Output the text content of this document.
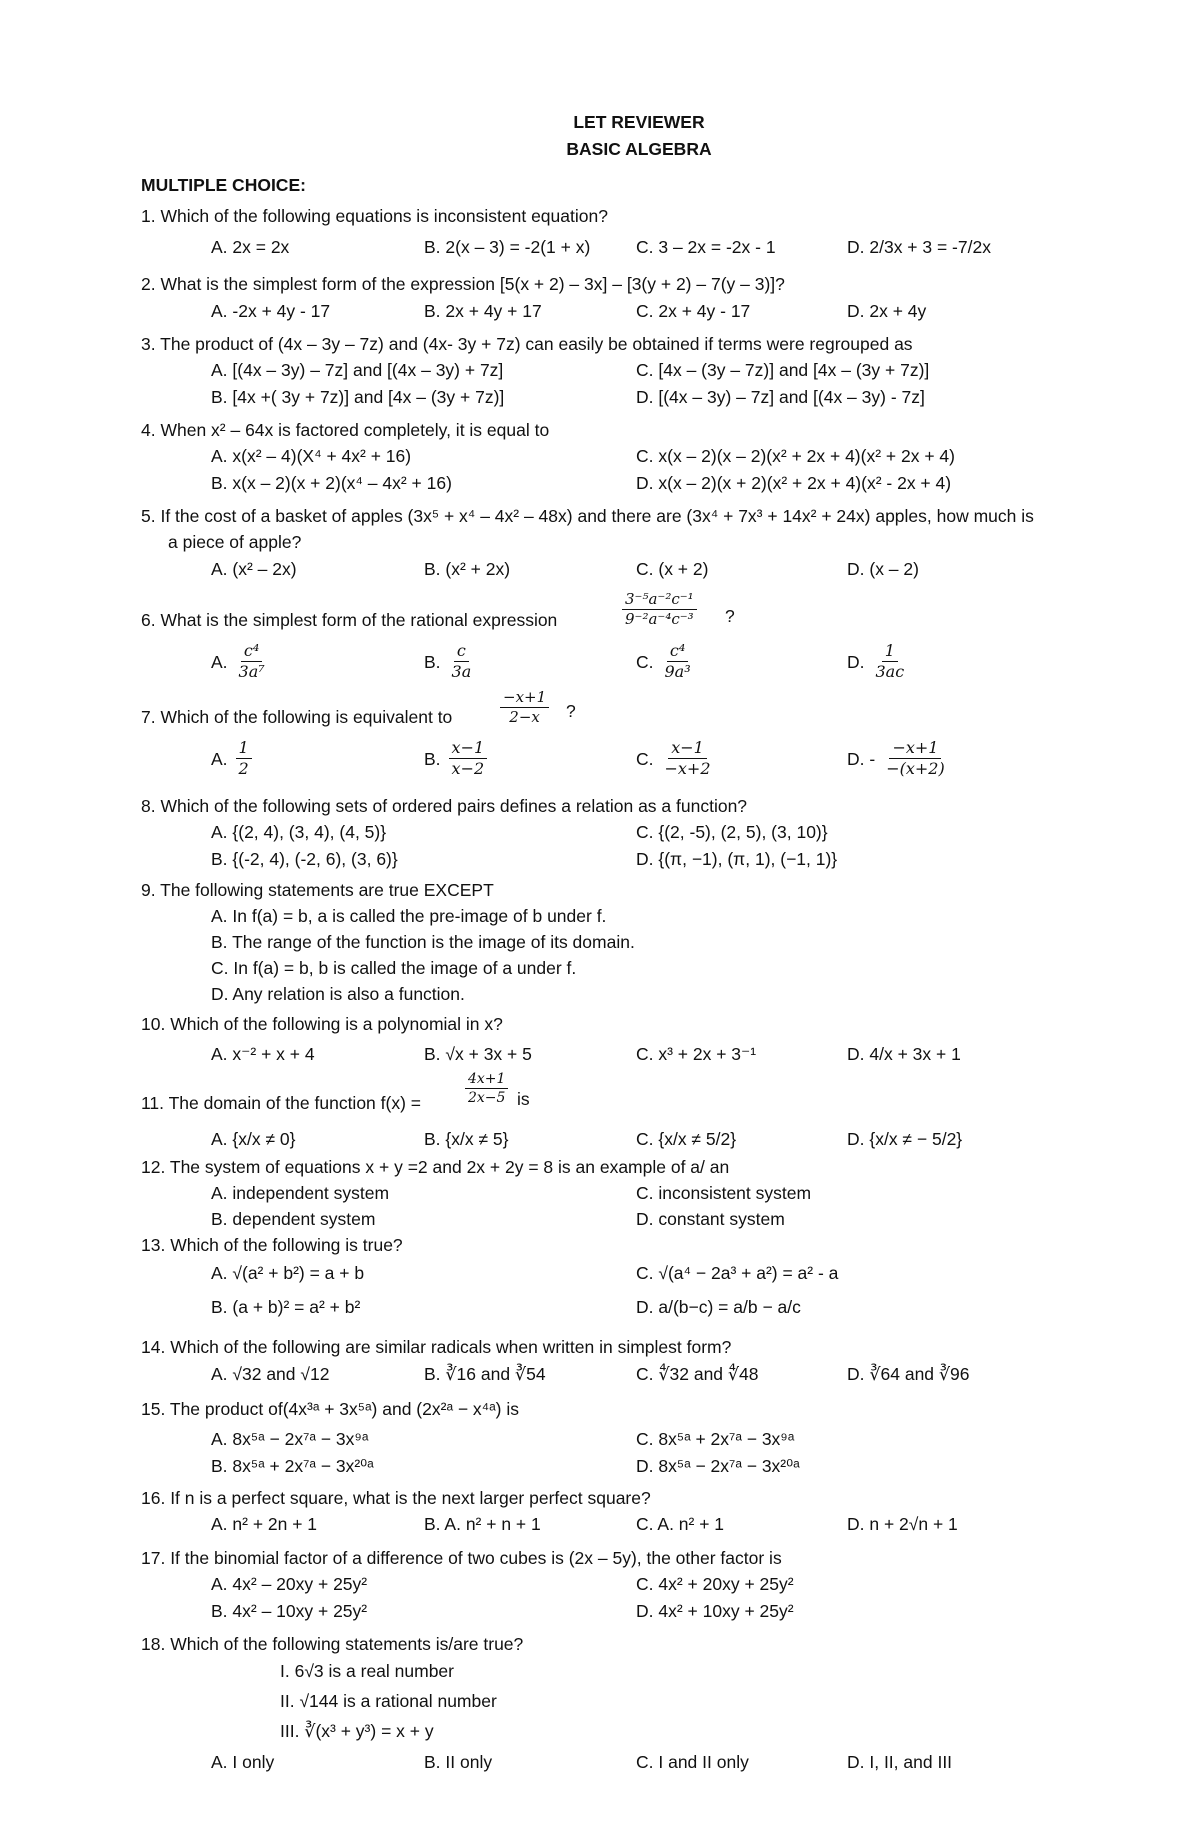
LET REVIEWER
BASIC ALGEBRA
MULTIPLE CHOICE:
1. Which of the following equations is inconsistent equation?
A. 2x = 2x	B. 2(x – 3) = -2(1 + x)	C. 3 – 2x = -2x - 1	D. 2/3x + 3 = -7/2x
2. What is the simplest form of the expression [5(x + 2) – 3x] – [3(y + 2) – 7(y – 3)]?
A. -2x + 4y - 17	B. 2x + 4y + 17	C. 2x + 4y - 17	D. 2x + 4y
3. The product of (4x – 3y – 7z) and (4x- 3y + 7z) can easily be obtained if terms were regrouped as
A. [(4x – 3y) – 7z] and [(4x – 3y) + 7z]	C. [4x – (3y – 7z)] and [4x – (3y + 7z)]
B. [4x +( 3y + 7z)] and [4x – (3y + 7z)]	D. [(4x – 3y) – 7z] and [(4x – 3y) - 7z]
4. When x² – 64x is factored completely, it is equal to
A. x(x² – 4)(X⁴ + 4x² + 16)	C. x(x – 2)(x – 2)(x² + 2x + 4)(x² + 2x + 4)
B. x(x – 2)(x + 2)(x⁴ – 4x² + 16)	D. x(x – 2)(x + 2)(x² + 2x + 4)(x² - 2x + 4)
5. If the cost of a basket of apples (3x⁵ + x⁴ – 4x² – 48x) and there are (3x⁴ + 7x³ + 14x² + 24x) apples, how much is
a piece of apple?
A. (x² – 2x)	B. (x² + 2x)	C. (x + 2)	D. (x – 2)
6. What is the simplest form of the rational expression	$\frac{\text{3⁻⁵a⁻²c⁻¹}}{\text{9⁻²a⁻⁴c⁻³}}$ ?
A. $\frac{\text{c⁴}}{\text{3a⁷}}$	B. $\frac{c}{3a}$	C. $\frac{\text{c⁴}}{\text{9a³}}$	D. $\frac{1}{3ac}$
7. Which of the following is equivalent to	$\frac{-x+1}{2-x}$ ?
A. $\frac{1}{2}$	B. $\frac{x-1}{x-2}$	C. $\frac{x-1}{-x+2}$	D. - $\frac{-x+1}{-(x+2)}$
8. Which of the following sets of ordered pairs defines a relation as a function?
A. {(2, 4), (3, 4), (4, 5)}	C. {(2, -5), (2, 5), (3, 10)}
B. {(-2, 4), (-2, 6), (3, 6)}	D. {(π, −1), (π, 1), (−1, 1)}
9. The following statements are true EXCEPT
A. In f(a) = b, a is called the pre-image of b under f.
B. The range of the function is the image of its domain.
C. In f(a) = b, b is called the image of a under f.
D. Any relation is also a function.
10. Which of the following is a polynomial in x?
A. x⁻² + x + 4	B. √x + 3x + 5	C. x³ + 2x + 3⁻¹	D. 4/x + 3x + 1
11. The domain of the function f(x) =	$\frac{4x+1}{2x-5}$ is
A. {x/x ≠ 0}	B. {x/x ≠ 5}	C. {x/x ≠ 5/2}	D. {x/x ≠ − 5/2}
12. The system of equations x + y =2 and 2x + 2y = 8 is an example of a/ an
A. independent system	C. inconsistent system
B. dependent system	D. constant system
13. Which of the following is true?
A. √(a² + b²) = a + b	C. √(a⁴ − 2a³ + a²) = a² - a
B. (a + b)² = a² + b²	D. a/(b−c) = a/b − a/c
14. Which of the following are similar radicals when written in simplest form?
A. √32 and √12	B. ∛16 and ∛54	C. ∜32 and ∜48	D. ∛64 and ∛96
15. The product of(4x³ᵃ + 3x⁵ᵃ) and (2x²ᵃ − x⁴ᵃ) is
A. 8x⁵ᵃ − 2x⁷ᵃ − 3x⁹ᵃ	C. 8x⁵ᵃ + 2x⁷ᵃ − 3x⁹ᵃ
B. 8x⁵ᵃ + 2x⁷ᵃ − 3x²⁰ᵃ	D. 8x⁵ᵃ − 2x⁷ᵃ − 3x²⁰ᵃ
16. If n is a perfect square, what is the next larger perfect square?
A. n² + 2n + 1	B. A. n² + n + 1	C. A. n² + 1	D. n + 2√n + 1
17. If the binomial factor of a difference of two cubes is (2x – 5y), the other factor is
A. 4x² – 20xy + 25y²	C. 4x² + 20xy + 25y²
B. 4x² – 10xy + 25y²	D. 4x² + 10xy + 25y²
18. Which of the following statements is/are true?
I. 6√3 is a real number
II. √144 is a rational number
III. ∛(x³ + y³) = x + y
A. I only	B. II only	C. I and II only	D. I, II, and III
